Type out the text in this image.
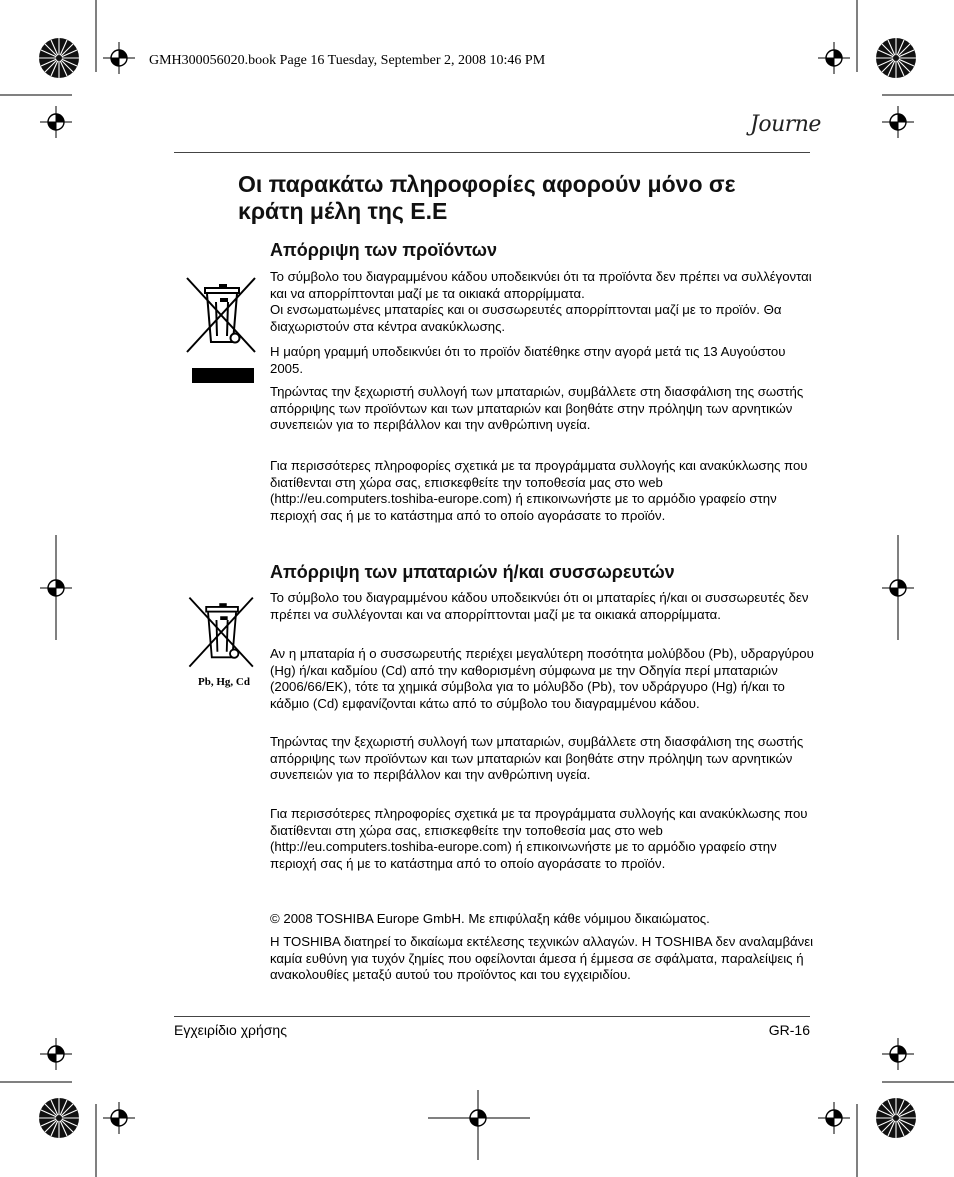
GMH300056020.book Page 16 Tuesday, September 2, 2008 10:46 PM
Journe
Οι παρακάτω πληροφορίες αφορούν μόνο σε κράτη μέλη της Ε.Ε
Απόρριψη των προϊόντων

Το σύμβολο του διαγραμμένου κάδου υποδεικνύει ότι τα προϊόντα δεν πρέπει να συλλέγονται και να απορρίπτονται μαζί με τα οικιακά απορρίμματα.

Οι ενσωματωμένες μπαταρίες και οι συσσωρευτές απορρίπτονται μαζί με το προϊόν. Θα διαχωριστούν στα κέντρα ανακύκλωσης.

Η μαύρη γραμμή υποδεικνύει ότι το προϊόν διατέθηκε στην αγορά μετά τις 13 Αυγούστου 2005.

Τηρώντας την ξεχωριστή συλλογή των μπαταριών, συμβάλλετε στη διασφάλιση της σωστής απόρριψης των προϊόντων και των μπαταριών και βοηθάτε στην πρόληψη των αρνητικών συνεπειών για το περιβάλλον και την ανθρώπινη υγεία.

Για περισσότερες πληροφορίες σχετικά με τα προγράμματα συλλογής και ανακύκλωσης που διατίθενται στη χώρα σας, επισκεφθείτε την τοποθεσία μας στο web (http://eu.computers.toshiba-europe.com) ή επικοινωνήστε με το αρμόδιο γραφείο στην περιοχή σας ή με το κατάστημα από το οποίο αγοράσατε το προϊόν.

Απόρριψη των μπαταριών ή/και συσσωρευτών
Pb, Hg, Cd

Το σύμβολο του διαγραμμένου κάδου υποδεικνύει ότι οι μπαταρίες ή/και οι συσσωρευτές δεν πρέπει να συλλέγονται και να απορρίπτονται μαζί με τα οικιακά απορρίμματα.

Αν η μπαταρία ή ο συσσωρευτής περιέχει μεγαλύτερη ποσότητα μολύβδου (Pb), υδραργύρου (Hg) ή/και καδμίου (Cd) από την καθορισμένη σύμφωνα με την Οδηγία περί μπαταριών (2006/66/EK), τότε τα χημικά σύμβολα για το μόλυβδο (Pb), τον υδράργυρο (Hg) ή/και το κάδμιο (Cd) εμφανίζονται κάτω από το σύμβολο του διαγραμμένου κάδου.

Τηρώντας την ξεχωριστή συλλογή των μπαταριών, συμβάλλετε στη διασφάλιση της σωστής απόρριψης των προϊόντων και των μπαταριών και βοηθάτε στην πρόληψη των αρνητικών συνεπειών για το περιβάλλον και την ανθρώπινη υγεία.

Για περισσότερες πληροφορίες σχετικά με τα προγράμματα συλλογής και ανακύκλωσης που διατίθενται στη χώρα σας, επισκεφθείτε την τοποθεσία μας στο web (http://eu.computers.toshiba-europe.com) ή επικοινωνήστε με το αρμόδιο γραφείο στην περιοχή σας ή με το κατάστημα από το οποίο αγοράσατε το προϊόν.

© 2008 TOSHIBA Europe GmbH. Με επιφύλαξη κάθε νόμιμου δικαιώματος.

Η TOSHIBA διατηρεί το δικαίωμα εκτέλεσης τεχνικών αλλαγών. Η TOSHIBA δεν αναλαμβάνει καμία ευθύνη για τυχόν ζημίες που οφείλονται άμεσα ή έμμεσα σε σφάλματα, παραλείψεις ή ανακολουθίες μεταξύ αυτού του προϊόντος και του εγχειριδίου.

Εγχειρίδιο χρήσης	GR-16
